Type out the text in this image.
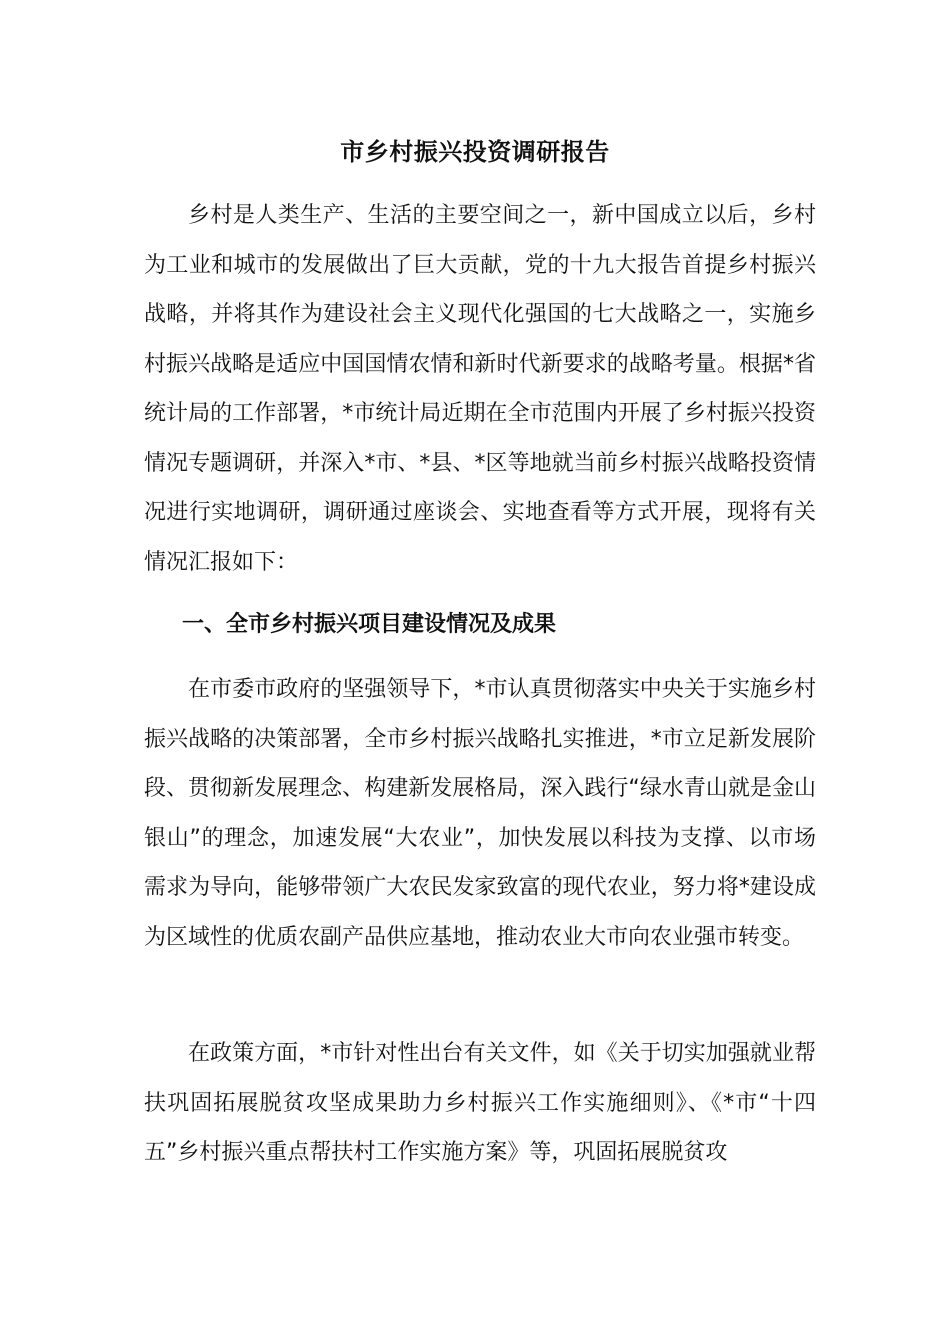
市乡村振兴投资调研报告
乡村是人类生产、生活的主要空间之一，新中国成立以后，乡村为工业和城市的发展做出了巨大贡献，党的十九大报告首提乡村振兴战略，并将其作为建设社会主义现代化强国的七大战略之一，实施乡村振兴战略是适应中国国情农情和新时代新要求的战略考量。根据*省统计局的工作部署，*市统计局近期在全市范围内开展了乡村振兴投资情况专题调研，并深入*市、*县、*区等地就当前乡村振兴战略投资情况进行实地调研，调研通过座谈会、实地查看等方式开展，现将有关情况汇报如下：
一、全市乡村振兴项目建设情况及成果
在市委市政府的坚强领导下，*市认真贯彻落实中央关于实施乡村振兴战略的决策部署，全市乡村振兴战略扎实推进，*市立足新发展阶段、贯彻新发展理念、构建新发展格局，深入践行“绿水青山就是金山银山”的理念，加速发展“大农业”，加快发展以科技为支撑、以市场需求为导向，能够带领广大农民发家致富的现代农业，努力将*建设成为区域性的优质农副产品供应基地，推动农业大市向农业强市转变。
在政策方面，*市针对性出台有关文件，如《关于切实加强就业帮扶巩固拓展脱贫攻坚成果助力乡村振兴工作实施细则》、《*市“十四五”乡村振兴重点帮扶村工作实施方案》等，巩固拓展脱贫攻
